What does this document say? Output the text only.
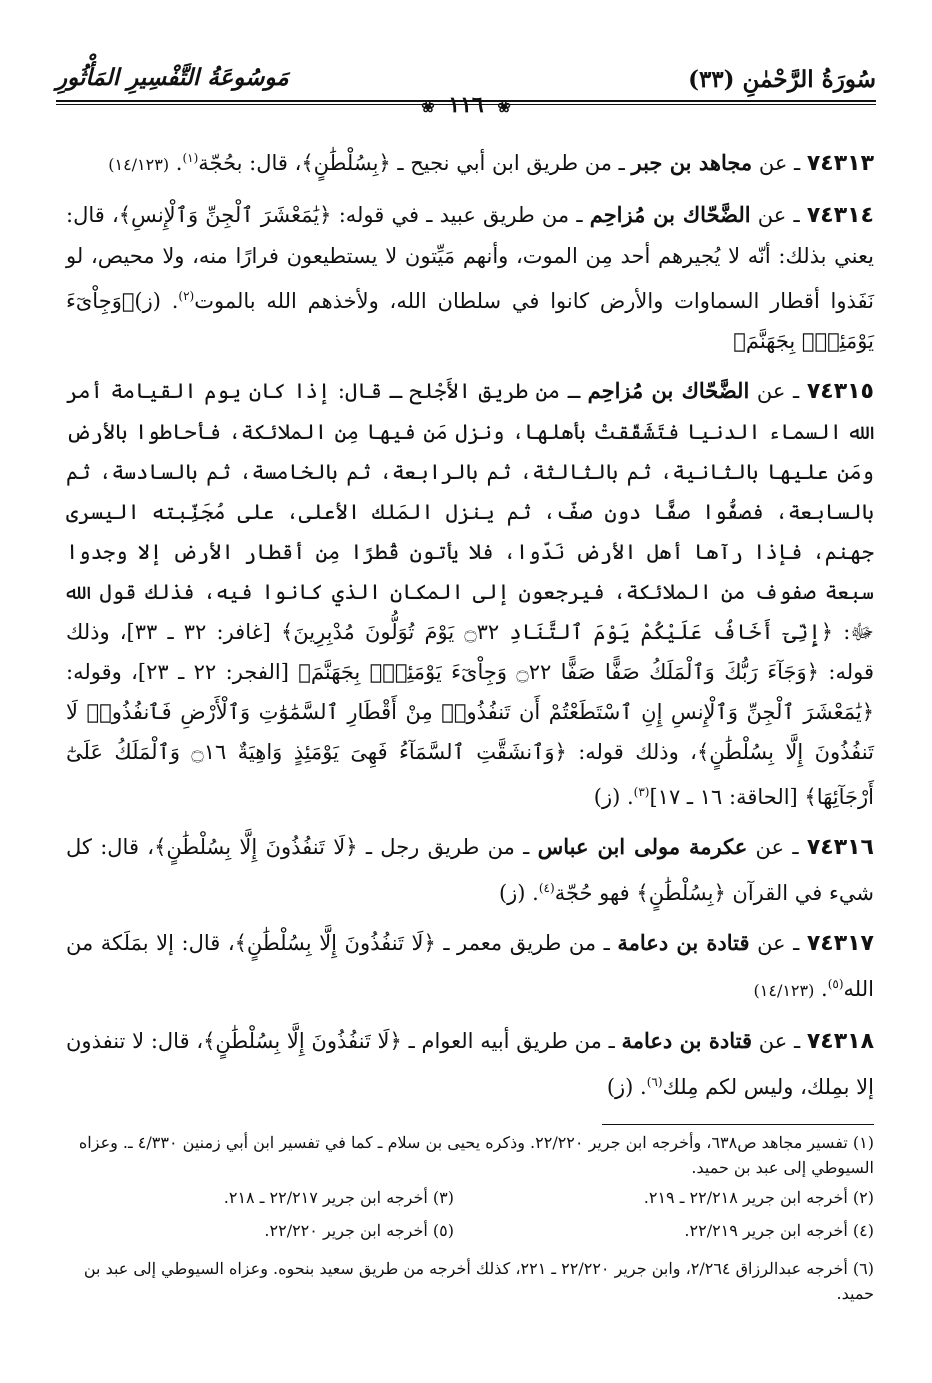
سُورَةُ الرَّحْمٰنِ (٣٣)
مَوسُوعَةُ التَّفْسِيرِ المَأْثُورِ
❀ ١١٦ ❀

٧٤٣١٣ ـ عن مجاهد بن جبر ـ من طريق ابن أبي نجيح ـ ﴿بِسُلْطَٰنٍ﴾، قال: بحُجّة$^{(١)}$. (١٤/١٢٣)

٧٤٣١٤ ـ عن الضَّحّاك بن مُزاحِم ـ من طريق عبيد ـ في قوله: ﴿يَٰمَعْشَرَ ٱلْجِنِّ وَٱلْإِنسِ﴾، قال: يعني بذلك: أنّه لا يُجيرهم أحد مِن الموت، وأنهم مَيِّتون لا يستطيعون فرارًا منه، ولا محيص، لو نَفَذوا أقطار السماوات والأرض كانوا في سلطان الله، ولأخذهم الله بالموت$^{(٢)}$. (ز)﴿وَجِاْىٓءَ يَوْمَئِذٍۭ بِجَهَنَّمَ﴾

٧٤٣١٥ ـ عن الضَّحّاك بن مُزاحِم ـ من طريق الأَجْلح ـ قال: إذا كان يوم القيامة أمر الله السماء الدنيا فتَشَقّقتْ بأهلها، ونزل مَن فيها مِن الملائكة، فأحاطوا بالأرض ومَن عليها بالثانية، ثم بالثالثة، ثم بالرابعة، ثم بالخامسة، ثم بالسادسة، ثم بالسابعة، فصفُّوا صفًّا دون صفّ، ثم ينزل المَلك الأعلى، على مُجَنِّبته اليسرى جهنم، فإذا رآها أهل الأرض نَدّوا، فلا يأتون قُطرًا مِن أقطار الأرض إلا وجدوا سبعة صفوف من الملائكة، فيرجعون إلى المكان الذي كانوا فيه، فذلك قول الله ﷻ: ﴿إِنِّىٓ أَخَافُ عَلَيْكُمْ يَوْمَ ٱلتَّنَادِ ۝٣٢ يَوْمَ تُوَلُّونَ مُدْبِرِينَ﴾ [غافر: ٣٢ ـ ٣٣]، وذلك قوله: ﴿وَجَآءَ رَبُّكَ وَٱلْمَلَكُ صَفًّا صَفًّا ۝٢٢ وَجِاْىٓءَ يَوْمَئِذٍۭ بِجَهَنَّمَ﴾ [الفجر: ٢٢ ـ ٢٣]، وقوله: ﴿يَٰمَعْشَرَ ٱلْجِنِّ وَٱلْإِنسِ إِنِ ٱسْتَطَعْتُمْ أَن تَنفُذُوا۟ مِنْ أَقْطَارِ ٱلسَّمَٰوَٰتِ وَٱلْأَرْضِ فَٱنفُذُوا۟ لَا تَنفُذُونَ إِلَّا بِسُلْطَٰنٍ﴾، وذلك قوله: ﴿وَٱنشَقَّتِ ٱلسَّمَآءُ فَهِىَ يَوْمَئِذٍ وَاهِيَةٌ ۝١٦ وَٱلْمَلَكُ عَلَىٰٓ أَرْجَآئِهَا﴾ [الحاقة: ١٦ ـ ١٧]$^{(٣)}$. (ز)

٧٤٣١٦ ـ عن عكرمة مولى ابن عباس ـ من طريق رجل ـ ﴿لَا تَنفُذُونَ إِلَّا بِسُلْطَٰنٍ﴾، قال: كل شيء في القرآن ﴿بِسُلْطَٰنٍ﴾ فهو حُجّة$^{(٤)}$. (ز)

٧٤٣١٧ ـ عن قتادة بن دعامة ـ من طريق معمر ـ ﴿لَا تَنفُذُونَ إِلَّا بِسُلْطَٰنٍ﴾، قال: إلا بمَلَكة من الله$^{(٥)}$. (١٤/١٢٣)

٧٤٣١٨ ـ عن قتادة بن دعامة ـ من طريق أبيه العوام ـ ﴿لَا تَنفُذُونَ إِلَّا بِسُلْطَٰنٍ﴾، قال: لا تنفذون إلا بمِلك، وليس لكم مِلك$^{(٦)}$. (ز)

(١) تفسير مجاهد ص٦٣٨، وأخرجه ابن جرير ٢٢/٢٢٠. وذكره يحيى بن سلام ـ كما في تفسير ابن أبي زمنين ٤/٣٣٠ ـ. وعزاه السيوطي إلى عبد بن حميد.
(٢) أخرجه ابن جرير ٢٢/٢١٨ ـ ٢١٩.
(٣) أخرجه ابن جرير ٢٢/٢١٧ ـ ٢١٨.
(٤) أخرجه ابن جرير ٢٢/٢١٩.
(٥) أخرجه ابن جرير ٢٢/٢٢٠.
(٦) أخرجه عبدالرزاق ٢/٢٦٤، وابن جرير ٢٢/٢٢٠ ـ ٢٢١، كذلك أخرجه من طريق سعيد بنحوه. وعزاه السيوطي إلى عبد بن حميد.
